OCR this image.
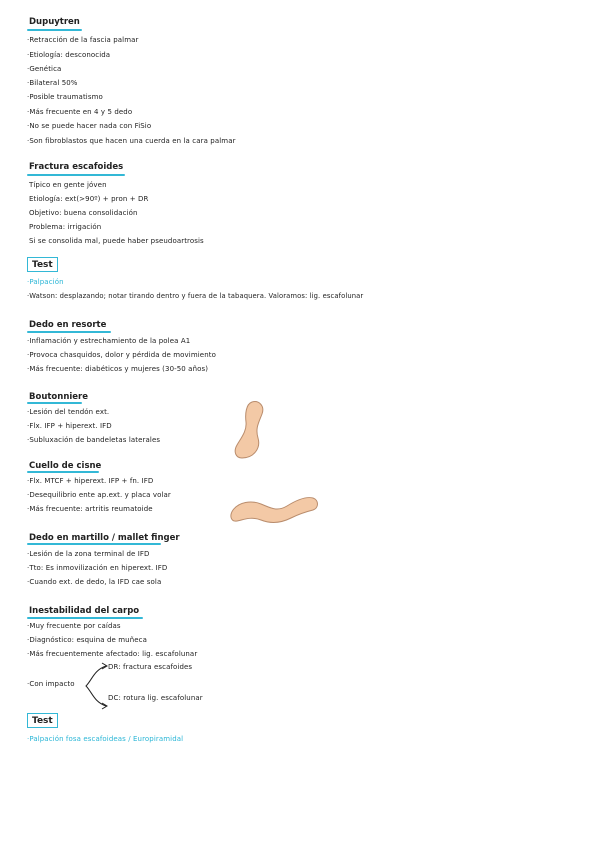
Dupuytren
·Retracción de la fascia palmar
·Etiología: desconocida
·Genética
·Bilateral 50%
·Posible traumatismo
·Más frecuente en 4 y 5 dedo
·No se puede hacer nada con FiSio
·Son fibroblastos que hacen una cuerda en la cara palmar
Fractura escafoides
Típico en gente jóven
Etiología: ext(>90º) + pron + DR
Objetivo: buena consolidación
Problema: irrigación
Si se consolida mal, puede haber pseudoartrosis
Test
·Palpación
·Watson: desplazando; notar tirando dentro y fuera de la tabaquera. Valoramos: lig. escafolunar
Dedo en resorte
·Inflamación y estrechamiento de la polea A1
·Provoca chasquidos, dolor y pérdida de movimiento
·Más frecuente: diabéticos y mujeres (30-50 años)
Boutonniere
·Lesión del tendón ext.
·Flx. IFP + hiperext. IFD
·Subluxación de bandeletas laterales
Cuello de cisne
·Flx. MTCF + hiperext. IFP + fn. IFD
·Desequilibrio ente ap.ext. y placa volar
·Más frecuente: artritis reumatoide
Dedo en martillo / mallet finger
·Lesión de la zona terminal de IFD
·Tto: Es inmovilización en hiperext. IFD
·Cuando ext. de dedo, la IFD cae sola
Inestabilidad del carpo
·Muy frecuente por caídas
·Diagnóstico: esquina de muñeca
·Más frecuentemente afectado: lig. escafolunar
·Con impacto
DR: fractura escafoides
DC: rotura lig. escafolunar
Test
·Palpación fosa escafoideas / Europiramidal
